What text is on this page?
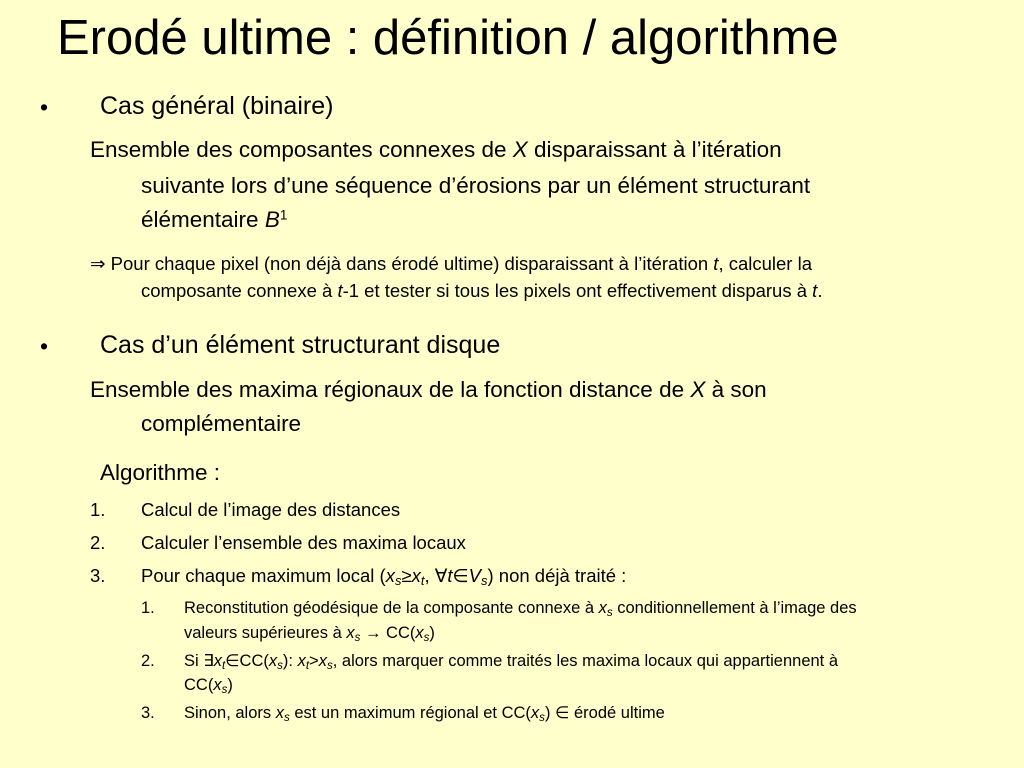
Erodé ultime : définition / algorithme
• Cas général (binaire)
Ensemble des composantes connexes de X disparaissant à l’itération
suivante lors d’une séquence d’érosions par un élément structurant
élémentaire $B^1$
⇒ Pour chaque pixel (non déjà dans érodé ultime) disparaissant à l’itération t, calculer la
composante connexe à t-1 et tester si tous les pixels ont effectivement disparus à t.
• Cas d’un élément structurant disque
Ensemble des maxima régionaux de la fonction distance de X à son
complémentaire
Algorithme :
1. Calcul de l’image des distances
2. Calculer l’ensemble des maxima locaux
3. Pour chaque maximum local ($x_s\ge x_t$, $\forall t\in V_s$) non déjà traité :
1. Reconstitution géodésique de la composante connexe à $x_s$ conditionnellement à l’image des
valeurs supérieures à $x_s \to CC(x_s)$
2. Si $\exists x_t\in CC(x_s)$: $x_t>x_s$, alors marquer comme traités les maxima locaux qui appartiennent à
$CC(x_s)$
3. Sinon, alors $x_s$ est un maximum régional et $CC(x_s)$ ∈ érodé ultime
